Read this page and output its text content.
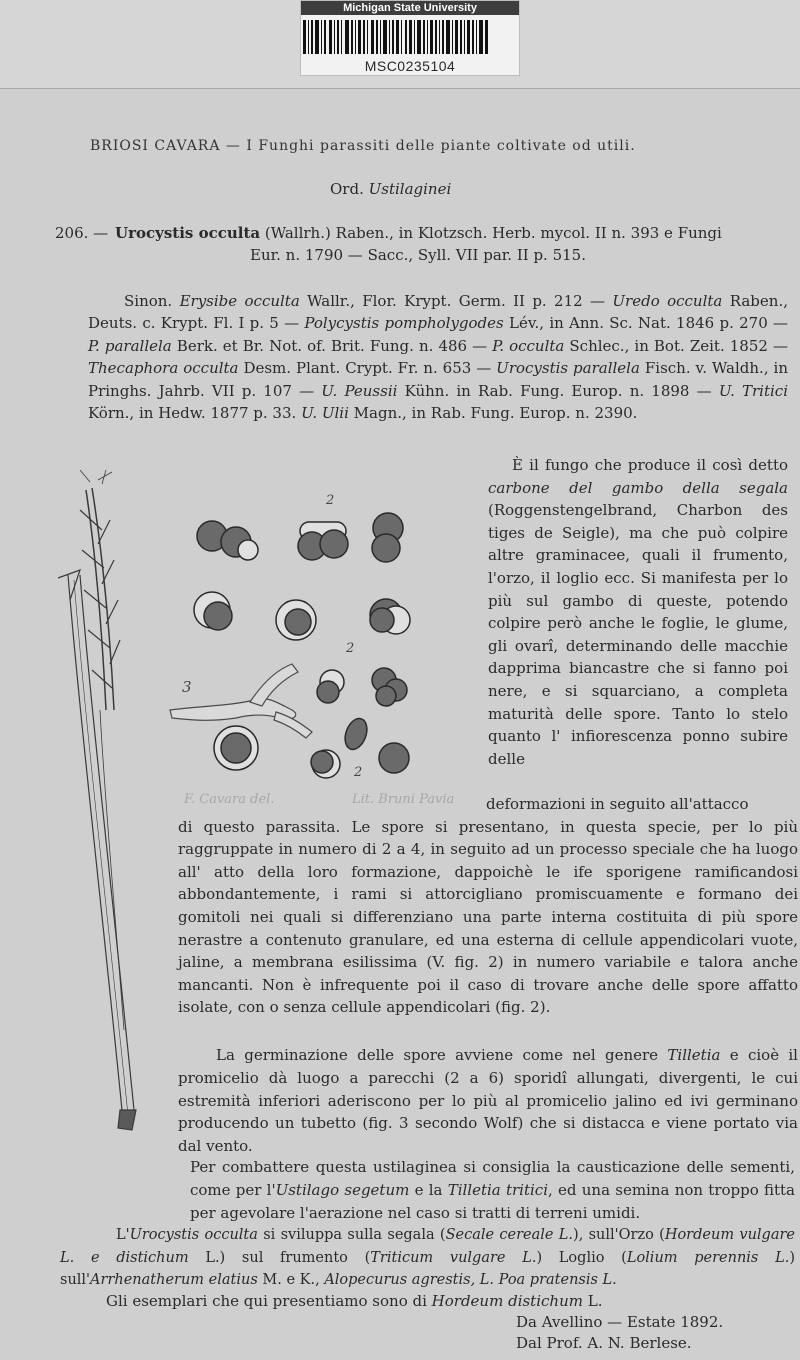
Michigan State University
MSC0235104
BRIOSI CAVARA — I Funghi parassiti delle piante coltivate od utili.
Ord. Ustilaginei
206. — Urocystis occulta (Wallrh.) Raben., in Klotzsch. Herb. mycol. II n. 393 e Fungi
Eur. n. 1790 — Sacc., Syll. VII par. II p. 515.
Sinon. Erysibe occulta Wallr., Flor. Krypt. Germ. II p. 212 — Uredo occulta Raben., Deuts. c. Krypt. Fl. I p. 5 — Polycystis pompholygodes Lév., in Ann. Sc. Nat. 1846 p. 270 — P. parallela Berk. et Br. Not. of. Brit. Fung. n. 486 — P. occulta Schlec., in Bot. Zeit. 1852 — Thecaphora occulta Desm. Plant. Crypt. Fr. n. 653 — Urocystis parallela Fisch. v. Waldh., in Pringhs. Jahrb. VII p. 107 — U. Peussii Kühn. in Rab. Fung. Europ. n. 1898 — U. Tritici Körn., in Hedw. 1877 p. 33. U. Ulii Magn., in Rab. Fung. Europ. n. 2390.
2
2
2
3
F. Cavara del.	Lit. Bruni Pavia
È il fungo che produce il così detto carbone del gambo della segala (Roggenstengelbrand, Charbon des tiges de Seigle), ma che può colpire altre graminacee, quali il frumento, l'orzo, il loglio ecc. Si manifesta per lo più sul gambo di queste, potendo colpire però anche le foglie, le glume, gli ovarî, determinando delle macchie dapprima biancastre che si fanno poi nere, e si squarciano, a completa maturità delle spore. Tanto lo stelo quanto l' infiorescenza ponno subire delle
deformazioni in seguito all'attacco

di questo parassita. Le spore si presentano, in questa specie, per lo più raggruppate in numero di 2 a 4, in seguito ad un processo speciale che ha luogo all' atto della loro formazione, dappoichè le ife sporigene ramificandosi abbondantemente, i rami si attorcigliano promiscuamente e formano dei gomitoli nei quali si differenziano una parte interna costituita di più spore nerastre a contenuto granulare, ed una esterna di cellule appendicolari vuote, jaline, a membrana esilissima (V. fig. 2) in numero variabile e talora anche mancanti. Non è infrequente poi il caso di trovare anche delle spore affatto isolate, con o senza cellule appendicolari (fig. 2).

La germinazione delle spore avviene come nel genere Tilletia e cioè il promicelio dà luogo a parecchi (2 a 6) sporidî allungati, divergenti, le cui estremità inferiori aderiscono per lo più al promicelio jalino ed ivi germinano producendo un tubetto (fig. 3 secondo Wolf) che si distacca e viene portato via dal vento.
Per combattere questa ustilaginea si consiglia la causticazione delle sementi, come per l'Ustilago segetum e la Tilletia tritici, ed una semina non troppo fitta per agevolare l'aerazione nel caso si tratti di terreni umidi.
L'Urocystis occulta si sviluppa sulla segala (Secale cereale L.), sull'Orzo (Hordeum vulgare L. e distichum L.) sul frumento (Triticum vulgare L.) Loglio (Lolium perennis L.) sull'Arrhenatherum elatius M. e K., Alopecurus agrestis, L. Poa pratensis L.
Gli esemplari che qui presentiamo sono di Hordeum distichum L.
Da Avellino — Estate 1892.
Dal Prof. A. N. Berlese.
